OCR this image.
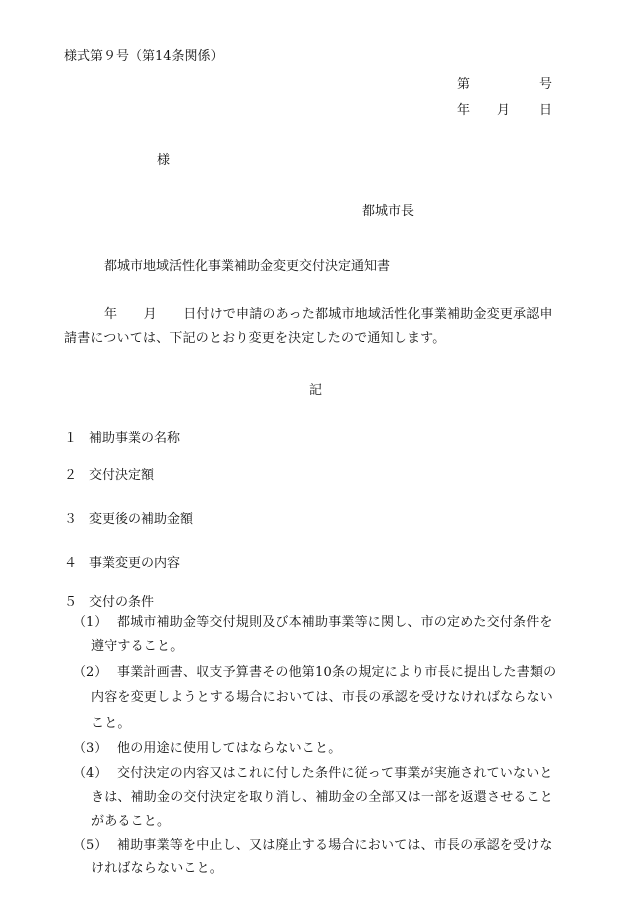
様式第９号（第14条関係）
第	号
年 月 日
様
都城市長
都城市地域活性化事業補助金変更交付決定通知書
年　　月　　日付けで申請のあった都城市地域活性化事業補助金変更承認申
請書については、下記のとおり変更を決定したので通知します。
記
１ 補助事業の名称
２ 交付決定額
３ 変更後の補助金額
４ 事業変更の内容
５ 交付の条件
（1） 都城市補助金等交付規則及び本補助事業等に関し、市の定めた交付条件を
遵守すること。
（2） 事業計画書、収支予算書その他第10条の規定により市長に提出した書類の
内容を変更しようとする場合においては、市長の承認を受けなければならない
こと。
（3） 他の用途に使用してはならないこと。
（4） 交付決定の内容又はこれに付した条件に従って事業が実施されていないと
きは、補助金の交付決定を取り消し、補助金の全部又は一部を返還させること
があること。
（5） 補助事業等を中止し、又は廃止する場合においては、市長の承認を受けな
ければならないこと。
